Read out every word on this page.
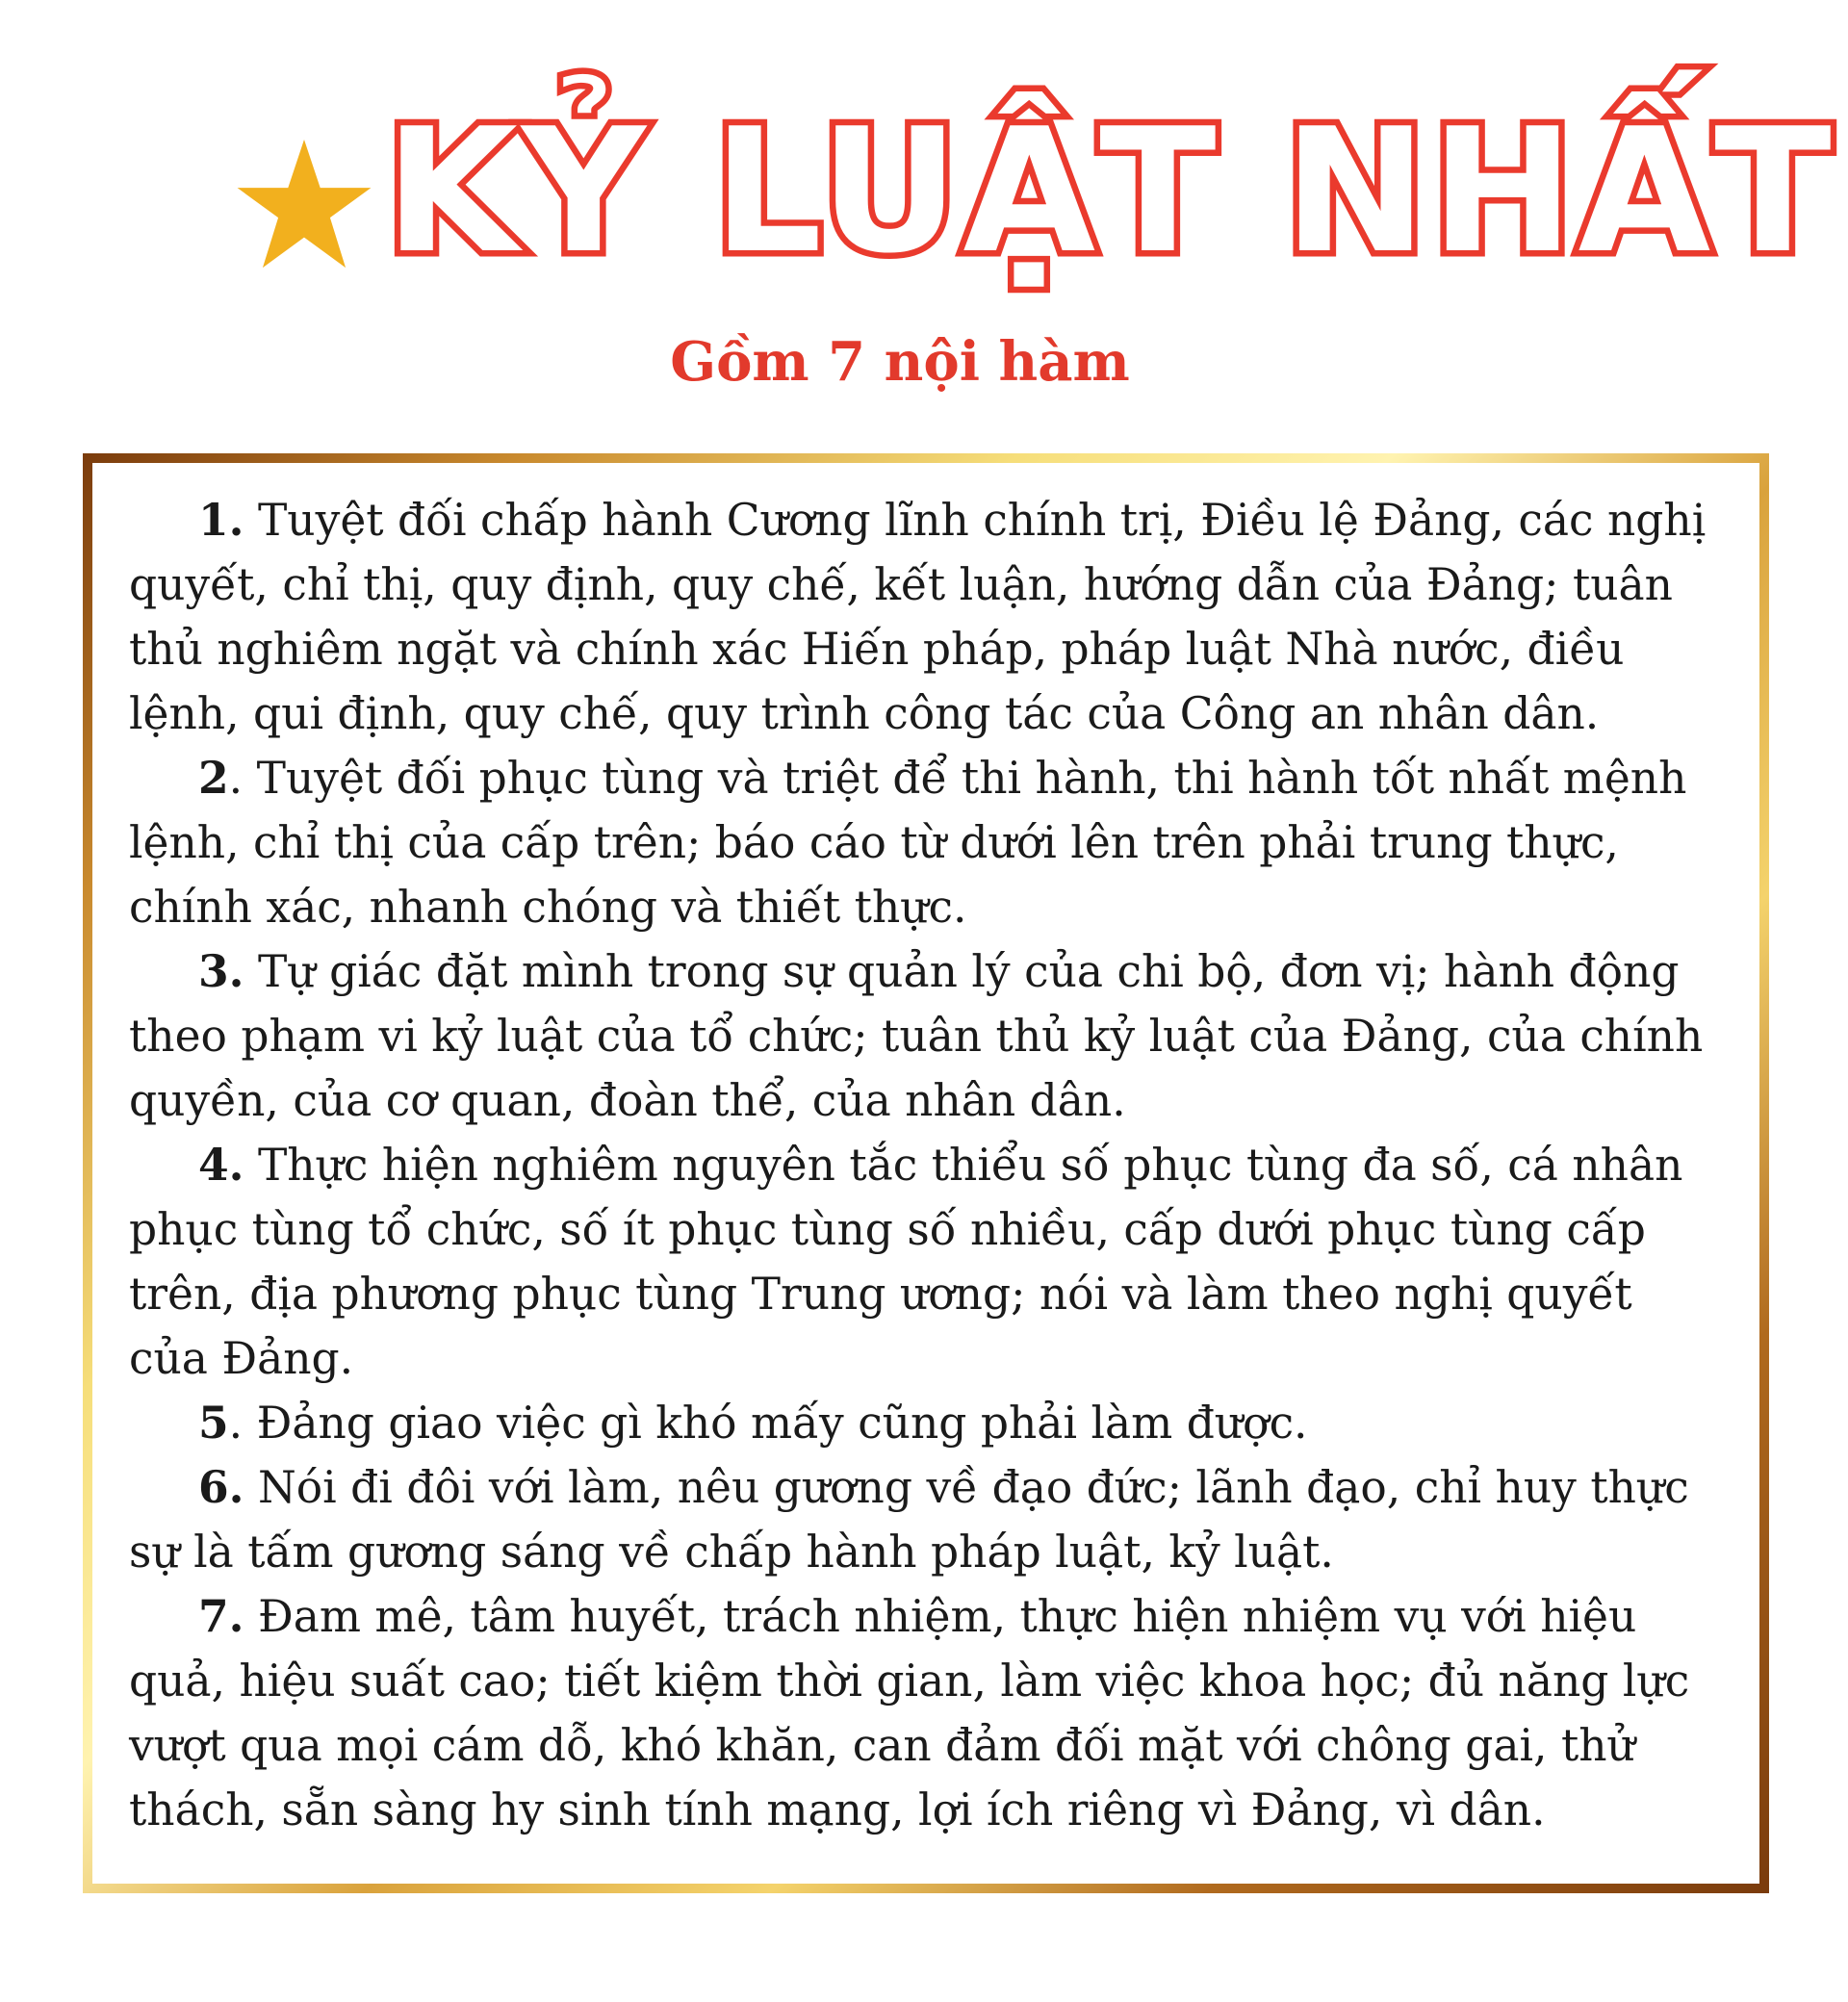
KỶ LUẬT NHẤT
Gồm 7 nội hàm

1. Tuyệt đối chấp hành Cương lĩnh chính trị, Điều lệ Đảng, các nghị quyết, chỉ thị, quy định, quy chế, kết luận, hướng dẫn của Đảng; tuân thủ nghiêm ngặt và chính xác Hiến pháp, pháp luật Nhà nước, điều lệnh, qui định, quy chế, quy trình công tác của Công an nhân dân.

2. Tuyệt đối phục tùng và triệt để thi hành, thi hành tốt nhất mệnh lệnh, chỉ thị của cấp trên; báo cáo từ dưới lên trên phải trung thực, chính xác, nhanh chóng và thiết thực.

3. Tự giác đặt mình trong sự quản lý của chi bộ, đơn vị; hành động theo phạm vi kỷ luật của tổ chức; tuân thủ kỷ luật của Đảng, của chính quyền, của cơ quan, đoàn thể, của nhân dân.

4. Thực hiện nghiêm nguyên tắc thiểu số phục tùng đa số, cá nhân phục tùng tổ chức, số ít phục tùng số nhiều, cấp dưới phục tùng cấp trên, địa phương phục tùng Trung ương; nói và làm theo nghị quyết của Đảng.

5. Đảng giao việc gì khó mấy cũng phải làm được.

6. Nói đi đôi với làm, nêu gương về đạo đức; lãnh đạo, chỉ huy thực sự là tấm gương sáng về chấp hành pháp luật, kỷ luật.

7. Đam mê, tâm huyết, trách nhiệm, thực hiện nhiệm vụ với hiệu quả, hiệu suất cao; tiết kiệm thời gian, làm việc khoa học; đủ năng lực vượt qua mọi cám dỗ, khó khăn, can đảm đối mặt với chông gai, thử thách, sẵn sàng hy sinh tính mạng, lợi ích riêng vì Đảng, vì dân.
